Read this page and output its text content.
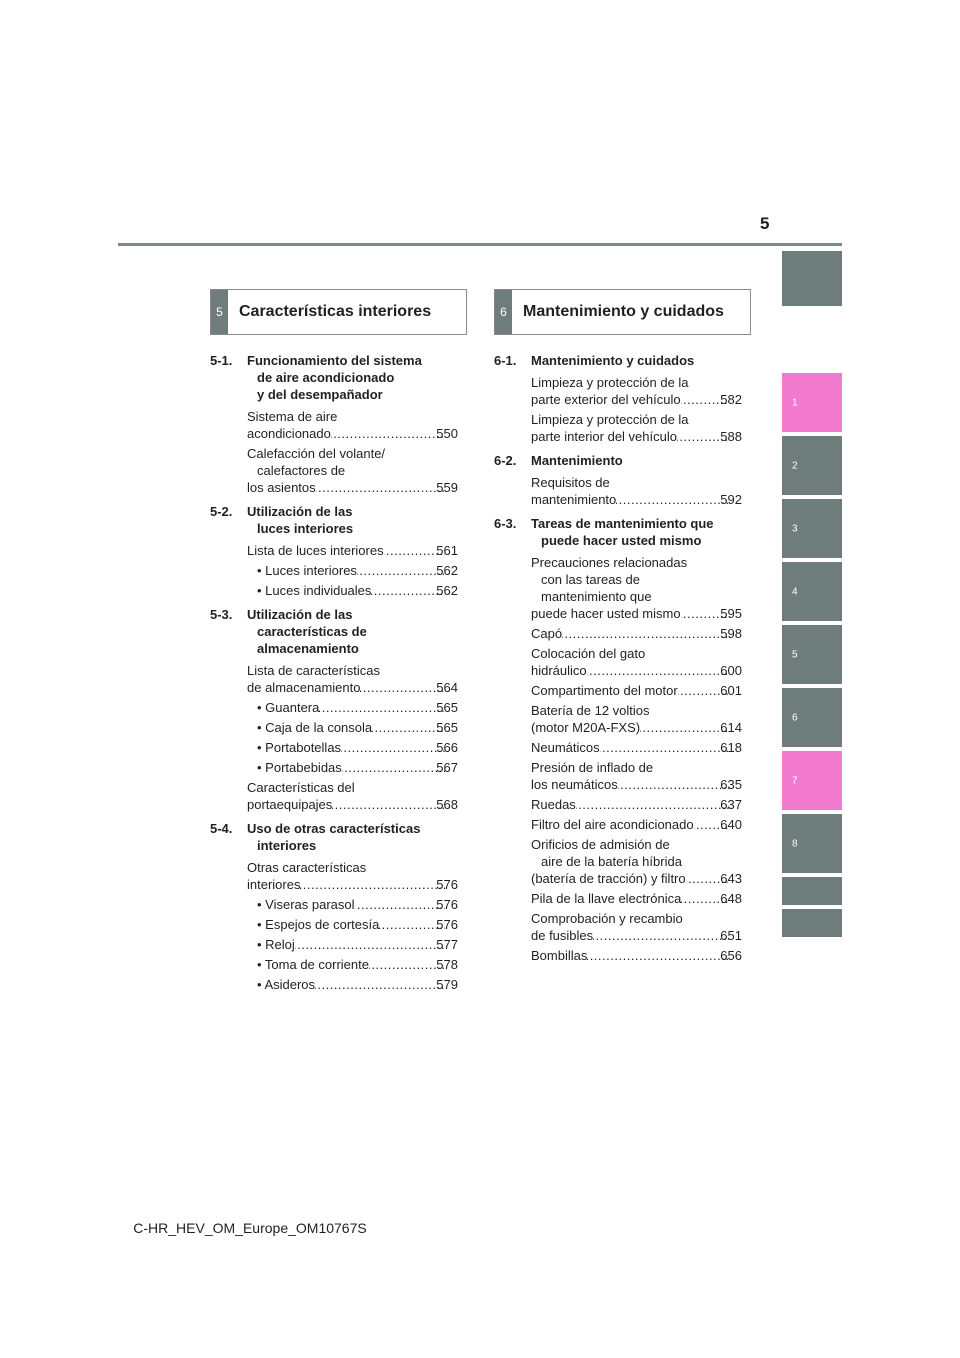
5
1
2
3
4
5
6
7
8
5	Características interiores	6	Mantenimiento y cuidados
5-1. Funcionamiento del sistema
de aire acondicionado
y del desempañador
Sistema de aire
acondicionado .....	550
Calefacción del volante/
calefactores de
los asientos .....	559
5-2. Utilización de las
luces interiores
Lista de luces interiores .....	561
• Luces interiores .....	562
• Luces individuales .....	562
5-3. Utilización de las
características de
almacenamiento
Lista de características
de almacenamiento .....	564
• Guantera .....	565
• Caja de la consola .....	565
• Portabotellas .....	566
• Portabebidas .....	567
Características del
portaequipajes .....	568
5-4. Uso de otras características
interiores
Otras características
interiores .....	576
• Viseras parasol .....	576
• Espejos de cortesía .....	576
• Reloj .....	577
• Toma de corriente .....	578
• Asideros .....	579
6-1. Mantenimiento y cuidados
Limpieza y protección de la
parte exterior del vehículo .....	582
Limpieza y protección de la
parte interior del vehículo .....	588
6-2. Mantenimiento
Requisitos de
mantenimiento .....	592
6-3. Tareas de mantenimiento que
puede hacer usted mismo
Precauciones relacionadas
con las tareas de
mantenimiento que
puede hacer usted mismo .....	595
Capó .....	598
Colocación del gato
hidráulico .....	600
Compartimento del motor .....	601
Batería de 12 voltios
(motor M20A-FXS) .....	614
Neumáticos .....	618
Presión de inflado de
los neumáticos .....	635
Ruedas .....	637
Filtro del aire acondicionado ..... 640
Orificios de admisión de
aire de la batería híbrida
(batería de tracción) y filtro .....	643
Pila de la llave electrónica .....	648
Comprobación y recambio
de fusibles .....	651
Bombillas .....	656
C-HR_HEV_OM_Europe_OM10767S
